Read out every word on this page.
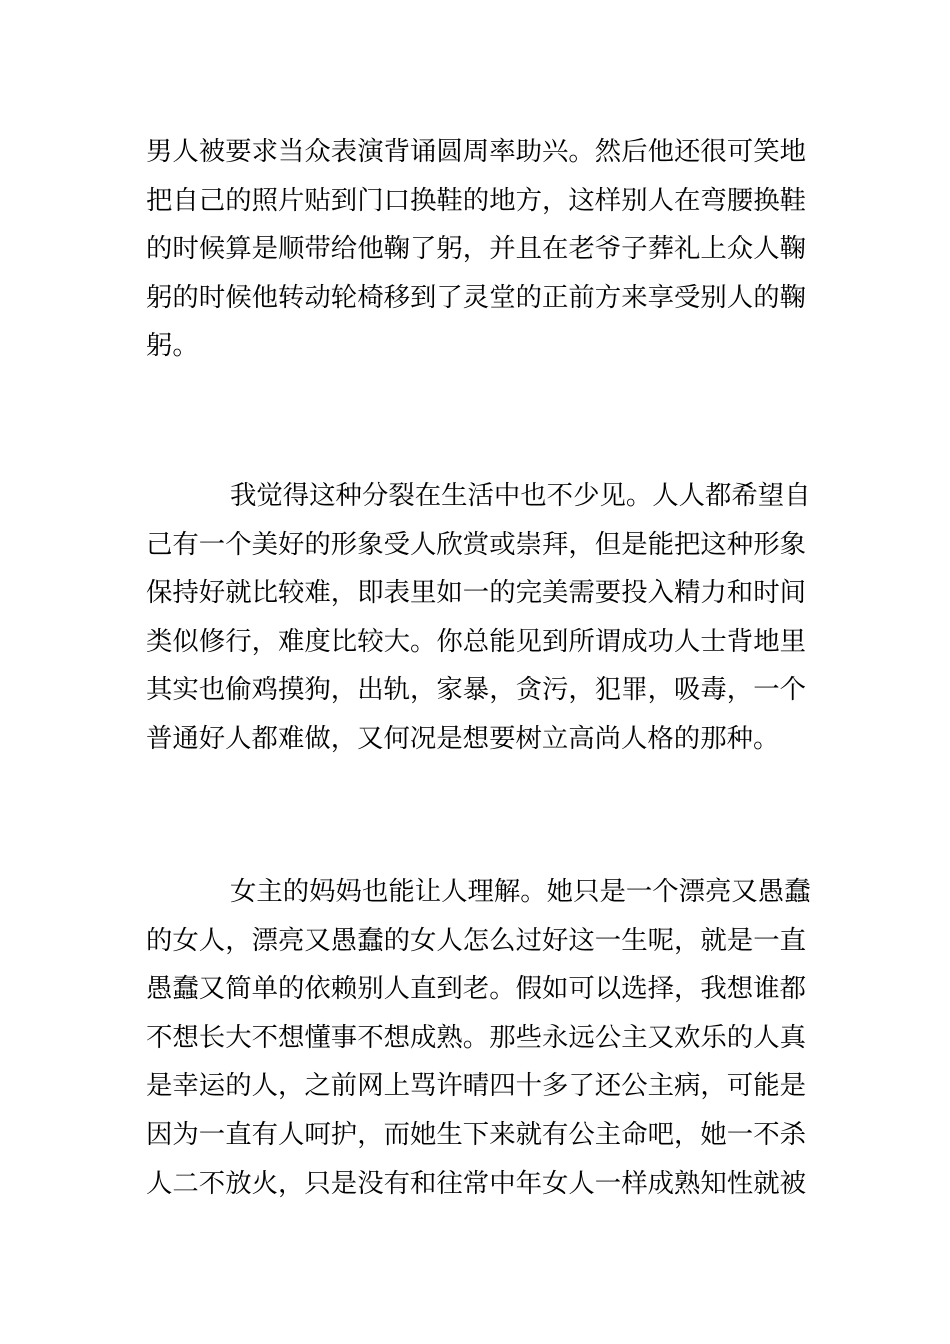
男人被要求当众表演背诵圆周率助兴。然后他还很可笑地
把自己的照片贴到门口换鞋的地方，这样别人在弯腰换鞋
的时候算是顺带给他鞠了躬，并且在老爷子葬礼上众人鞠
躬的时候他转动轮椅移到了灵堂的正前方来享受别人的鞠
躬。
我觉得这种分裂在生活中也不少见。人人都希望自
己有一个美好的形象受人欣赏或崇拜，但是能把这种形象
保持好就比较难，即表里如一的完美需要投入精力和时间
类似修行，难度比较大。你总能见到所谓成功人士背地里
其实也偷鸡摸狗，出轨，家暴，贪污，犯罪，吸毒，一个
普通好人都难做，又何况是想要树立高尚人格的那种。
女主的妈妈也能让人理解。她只是一个漂亮又愚蠢
的女人，漂亮又愚蠢的女人怎么过好这一生呢，就是一直
愚蠢又简单的依赖别人直到老。假如可以选择，我想谁都
不想长大不想懂事不想成熟。那些永远公主又欢乐的人真
是幸运的人，之前网上骂许晴四十多了还公主病，可能是
因为一直有人呵护，而她生下来就有公主命吧，她一不杀
人二不放火，只是没有和往常中年女人一样成熟知性就被
